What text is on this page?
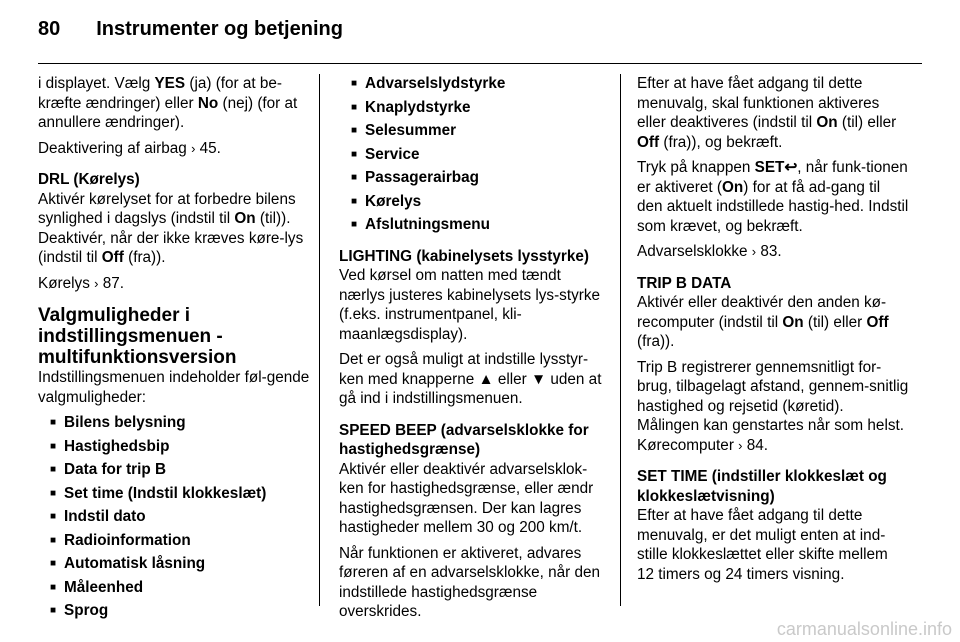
80 Instrumenter og betjening

i displayet. Vælg YES (ja) (for at be-kræfte ændringer) eller No (nej) (for at annullere ændringer).

Deaktivering af airbag › 45.

DRL (Kørelys)

Aktivér kørelyset for at forbedre bilens synlighed i dagslys (indstil til On (til)). Deaktivér, når der ikke kræves køre-lys (indstil til Off (fra)).

Kørelys › 87.

Valgmuligheder i indstillingsmenuen - multifunktionsversion

Indstillingsmenuen indeholder føl-gende valgmuligheder:

■ Bilens belysning
■ Hastighedsbip
■ Data for trip B
■ Set time (Indstil klokkeslæt)
■ Indstil dato
■ Radioinformation
■ Automatisk låsning
■ Måleenhed
■ Sprog
■ Advarselslydstyrke
■ Knaplydstyrke
■ Selesummer
■ Service
■ Passagerairbag
■ Kørelys
■ Afslutningsmenu
LIGHTING (kabinelysets lysstyrke)

Ved kørsel om natten med tændt nærlys justeres kabinelysets lys-styrke (f.eks. instrumentpanel, kli-maanlægsdisplay).

Det er også muligt at indstille lysstyr-ken med knapperne ▲ eller ▼ uden at gå ind i indstillingsmenuen.

SPEED BEEP (advarselsklokke for hastighedsgrænse)

Aktivér eller deaktivér advarselsklok-ken for hastighedsgrænse, eller ændr hastighedsgrænsen. Der kan lagres hastigheder mellem 30 og 200 km/t.

Når funktionen er aktiveret, advares føreren af en advarselsklokke, når den indstillede hastighedsgrænse overskrides.

Efter at have fået adgang til dette menuvalg, skal funktionen aktiveres eller deaktiveres (indstil til On (til) eller Off (fra)), og bekræft.

Tryk på knappen SET↩, når funk-tionen er aktiveret (On) for at få ad-gang til den aktuelt indstillede hastig-hed. Indstil som krævet, og bekræft.

Advarselsklokke › 83.

TRIP B DATA

Aktivér eller deaktivér den anden kø-recomputer (indstil til On (til) eller Off (fra)).

Trip B registrerer gennemsnitligt for-brug, tilbagelagt afstand, gennem-snitlig hastighed og rejsetid (køretid). Målingen kan genstartes når som helst. Kørecomputer › 84.

SET TIME (indstiller klokkeslæt og klokkeslætvisning)

Efter at have fået adgang til dette menuvalg, er det muligt enten at ind-stille klokkeslættet eller skifte mellem 12 timers og 24 timers visning.

carmanualsonline.info
